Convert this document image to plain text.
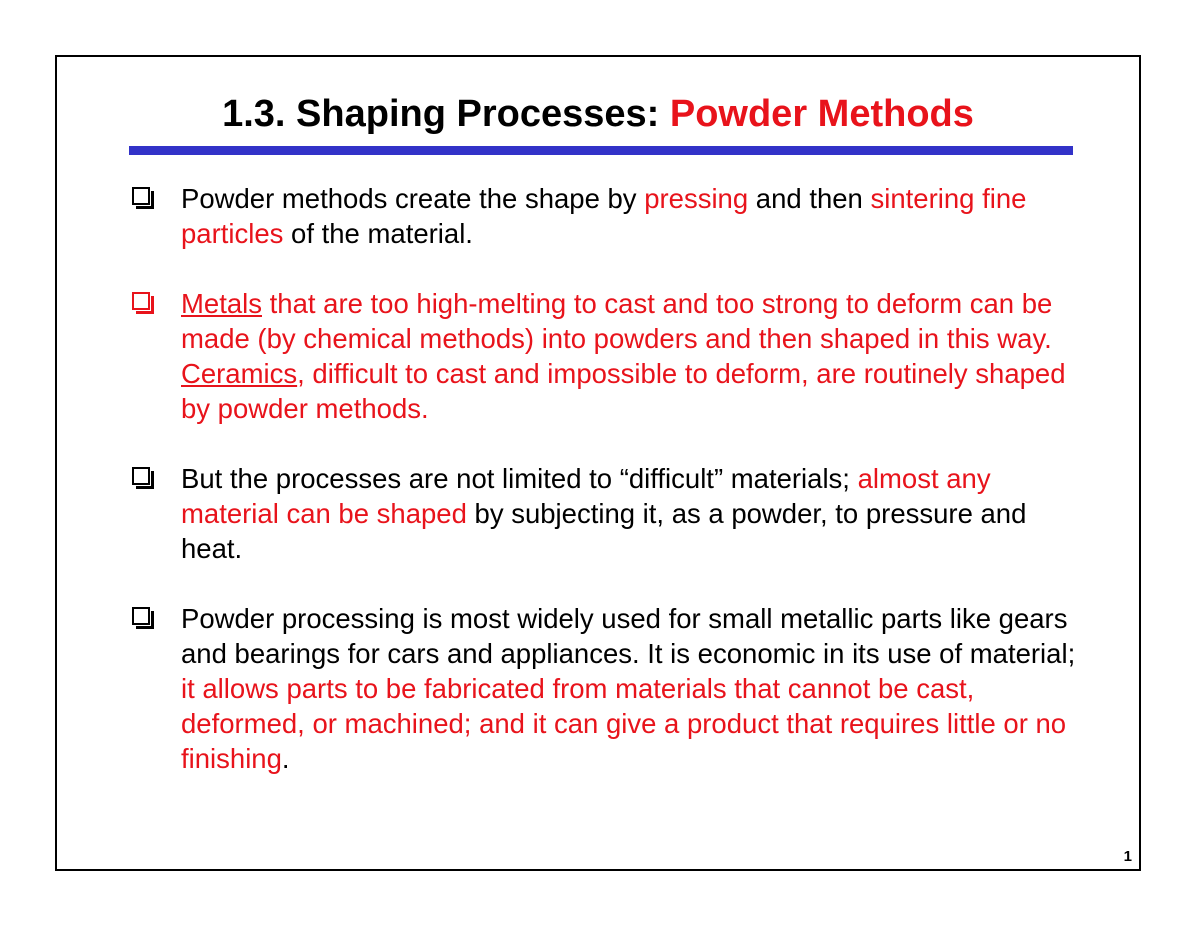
1.3. Shaping Processes: Powder Methods
Powder methods create the shape by pressing and then sintering fine particles of the material.
Metals that are too high-melting to cast and too strong to deform can be made (by chemical methods) into powders and then shaped in this way. Ceramics, difficult to cast and impossible to deform, are routinely shaped by powder methods.
But the processes are not limited to “difficult” materials; almost any material can be shaped by subjecting it, as a powder, to pressure and heat.
Powder processing is most widely used for small metallic parts like gears and bearings for cars and appliances. It is economic in its use of material; it allows parts to be fabricated from materials that cannot be cast, deformed, or machined; and it can give a product that requires little or no finishing.
1
